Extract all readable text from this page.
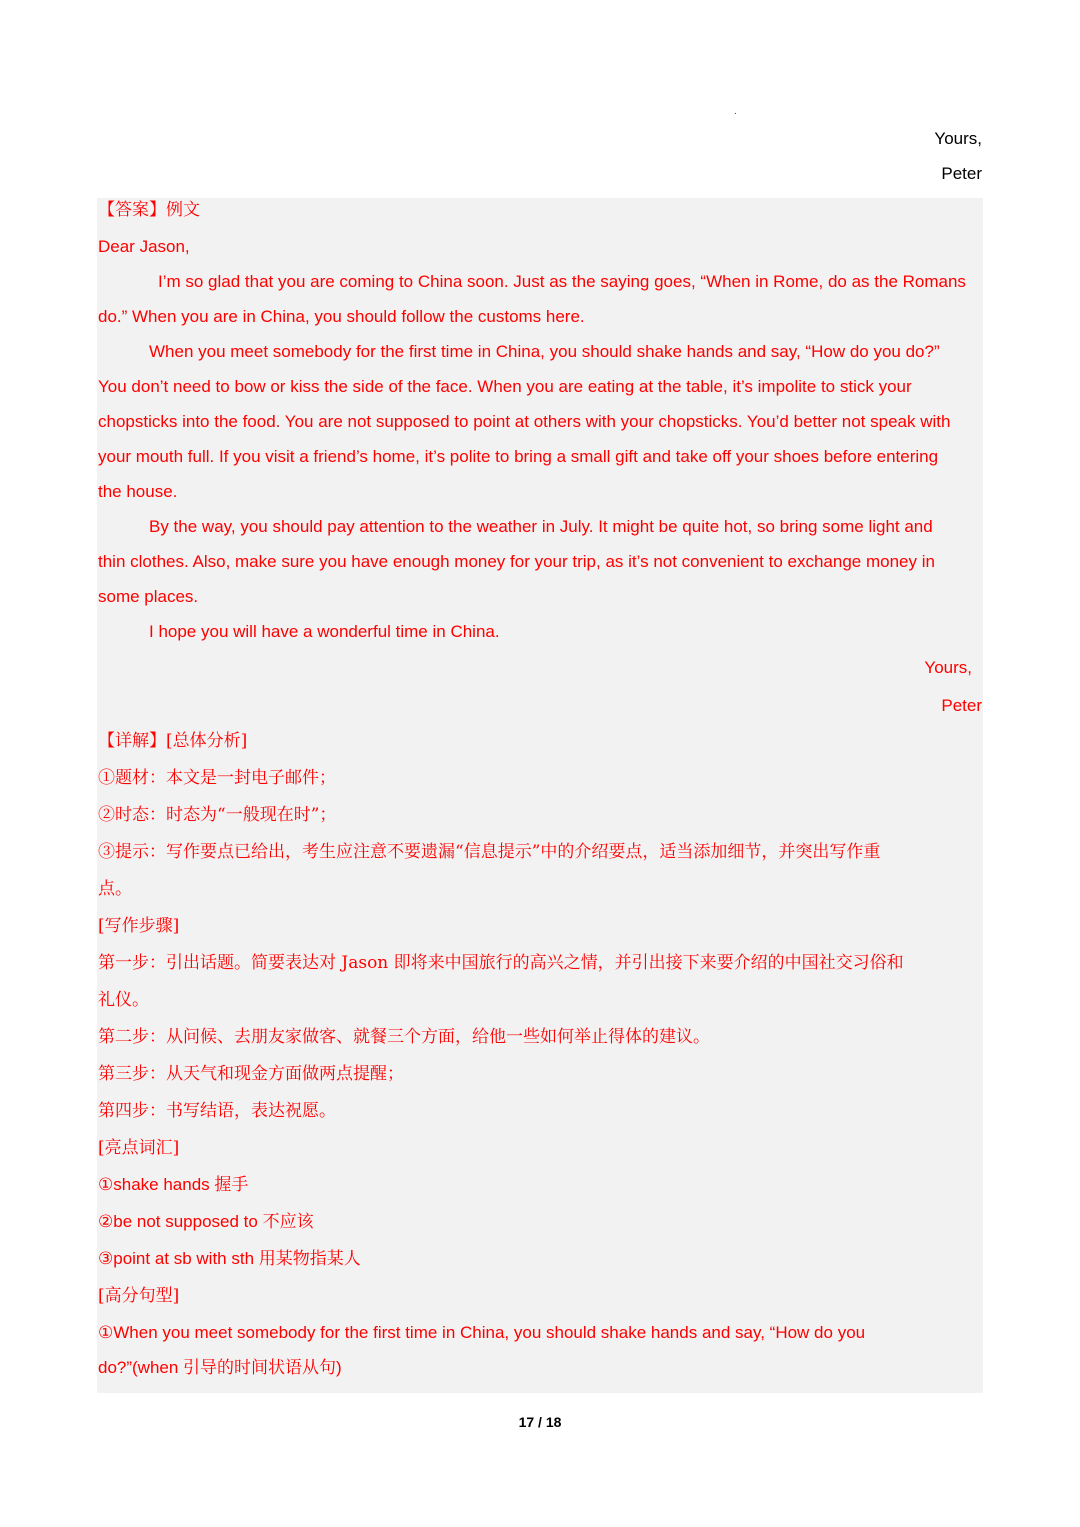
.
Yours,
Peter
【答案】例文
Dear Jason,
I’m so glad that you are coming to China soon. Just as the saying goes, “When in Rome, do as the Romans
do.” When you are in China, you should follow the customs here.
When you meet somebody for the first time in China, you should shake hands and say, “How do you do?”
You don’t need to bow or kiss the side of the face. When you are eating at the table, it’s impolite to stick your
chopsticks into the food. You are not supposed to point at others with your chopsticks. You’d better not speak with
your mouth full. If you visit a friend’s home, it’s polite to bring a small gift and take off your shoes before entering
the house.
By the way, you should pay attention to the weather in July. It might be quite hot, so bring some light and
thin clothes. Also, make sure you have enough money for your trip, as it’s not convenient to exchange money in
some places.
I hope you will have a wonderful time in China.
Yours,
Peter
【详解】[总体分析]
①题材：本文是一封电子邮件；
②时态：时态为“一般现在时”；
③提示：写作要点已给出，考生应注意不要遗漏“信息提示”中的介绍要点，适当添加细节，并突出写作重
点。
[写作步骤]
第一步：引出话题。简要表达对 Jason 即将来中国旅行的高兴之情，并引出接下来要介绍的中国社交习俗和
礼仪。
第二步：从问候、去朋友家做客、就餐三个方面，给他一些如何举止得体的建议。
第三步：从天气和现金方面做两点提醒；
第四步：书写结语，表达祝愿。
[亮点词汇]
①shake hands 握手
②be not supposed to 不应该
③point at sb with sth 用某物指某人
[高分句型]
①When you meet somebody for the first time in China, you should shake hands and say, “How do you
do?”(when 引导的时间状语从句)
17 / 18
